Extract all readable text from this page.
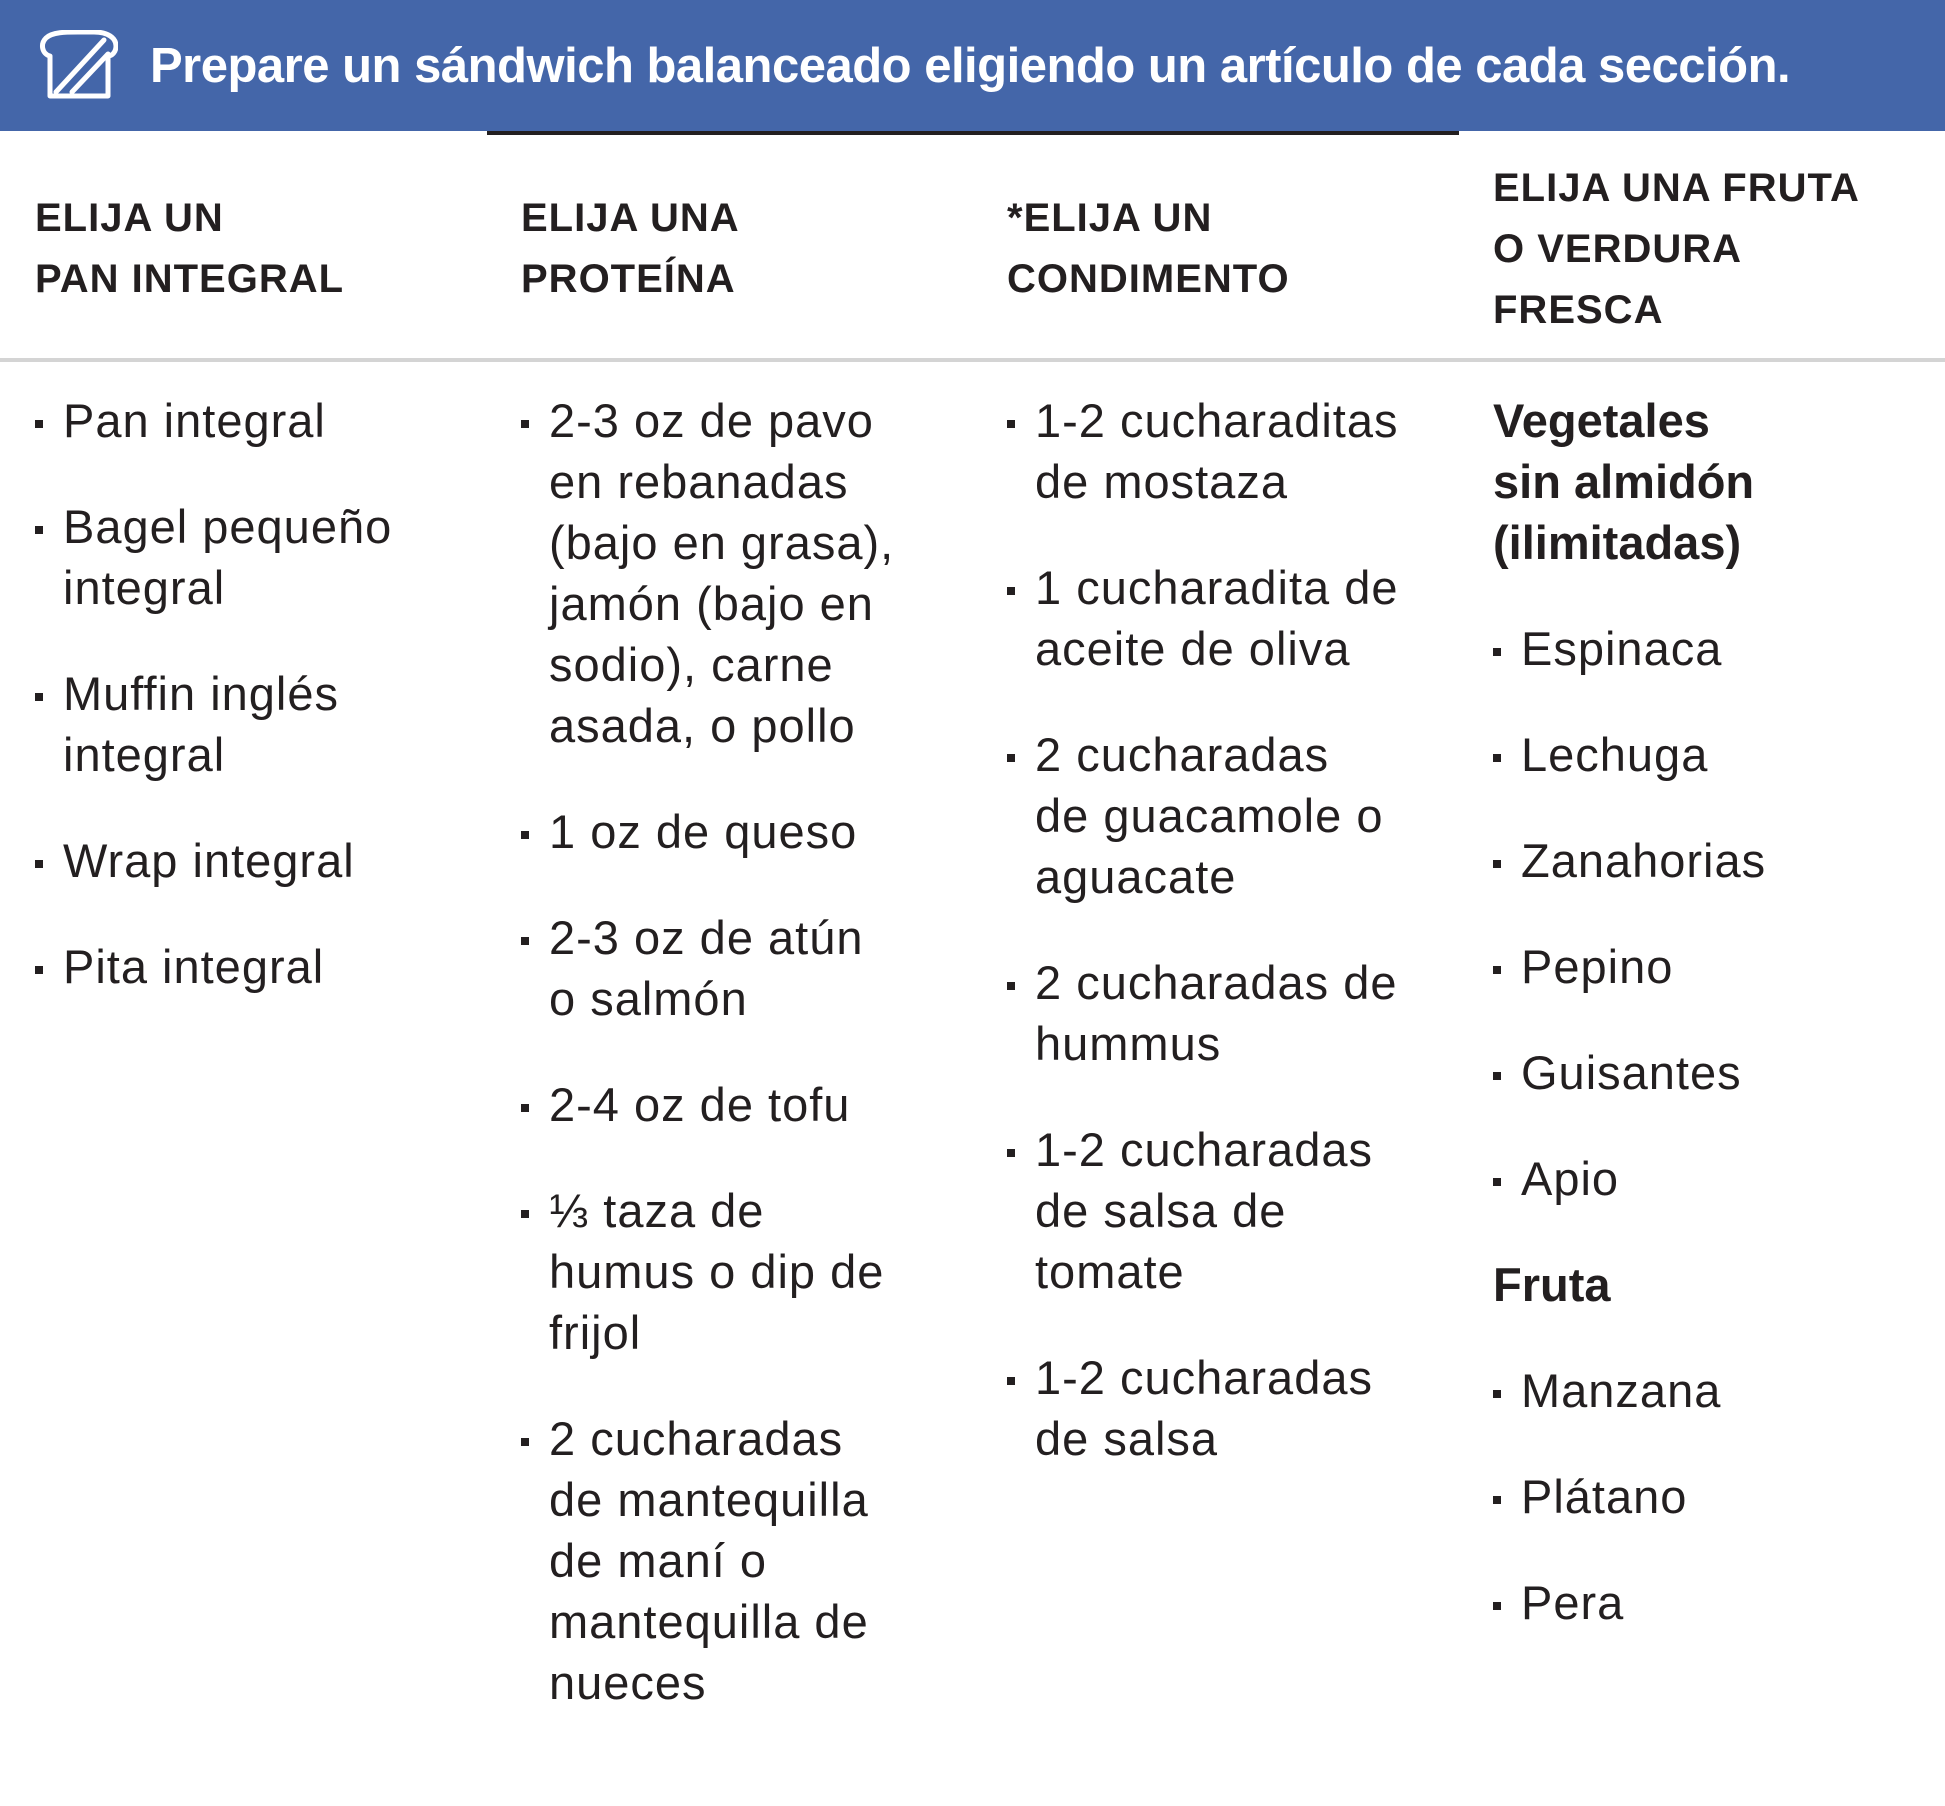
Prepare un sándwich balanceado eligiendo un artículo de cada sección.
ELIJA UN
PAN INTEGRAL
ELIJA UNA
PROTEÍNA
*ELIJA UN
CONDIMENTO
ELIJA UNA FRUTA
O VERDURA
FRESCA
Pan integral
Bagel pequeño
integral
Muffin inglés
integral
Wrap integral
Pita integral
2-3 oz de pavo
en rebanadas
(bajo en grasa),
jamón (bajo en
sodio), carne
asada, o pollo
1 oz de queso
2-3 oz de atún
o salmón
2-4 oz de tofu
⅓ taza de
humus o dip de
frijol
2 cucharadas
de mantequilla
de maní o
mantequilla de
nueces
1-2 cucharaditas
de mostaza
1 cucharadita de
aceite de oliva
2 cucharadas
de guacamole o
aguacate
2 cucharadas de
hummus
1-2 cucharadas
de salsa de
tomate
1-2 cucharadas
de salsa
Vegetales
sin almidón
(ilimitadas)
Espinaca
Lechuga
Zanahorias
Pepino
Guisantes
Apio
Fruta
Manzana
Plátano
Pera
